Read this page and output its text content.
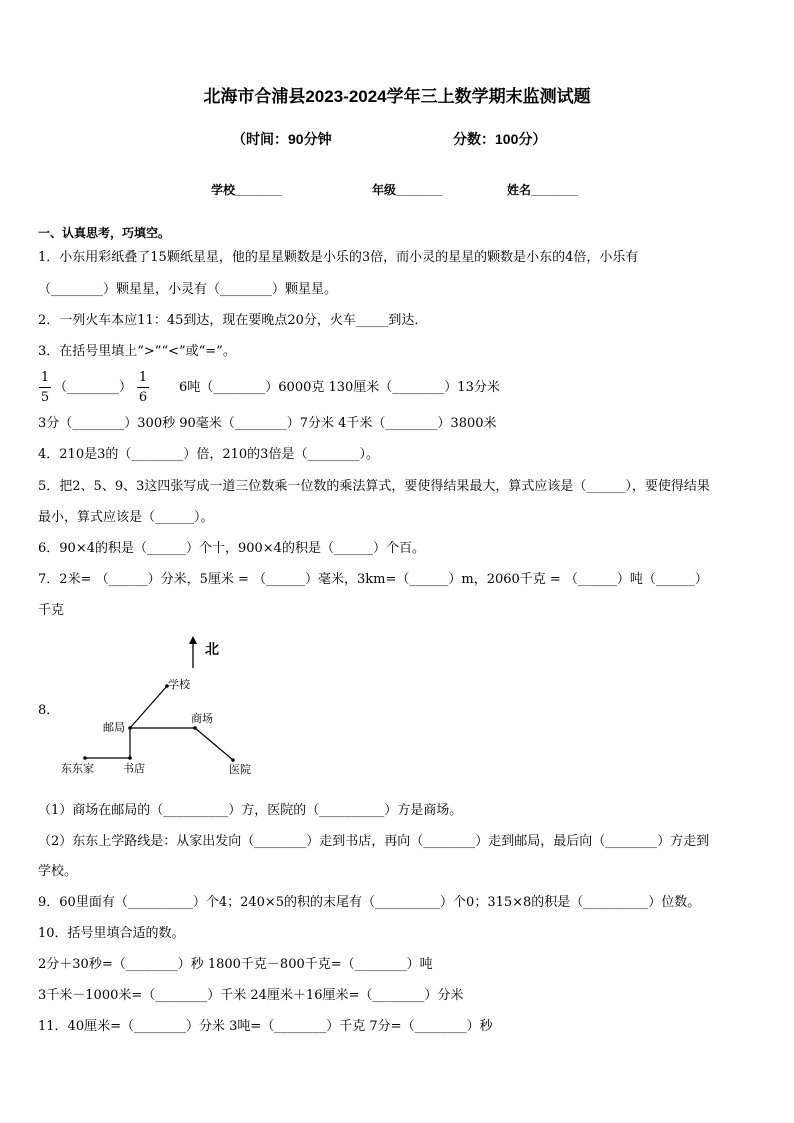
北海市合浦县2023-2024学年三上数学期末监测试题
（时间：90分钟	分数：100分）
学校_______	年级_______	姓名_______
一、认真思考，巧填空。
1．小东用彩纸叠了15颗纸星星，他的星星颗数是小乐的3倍，而小灵的星星的颗数是小东的4倍，小乐有
（________）颗星星，小灵有（________）颗星星。
2．一列火车本应11：45到达，现在要晚点20分，火车_____到达．
3．在括号里填上“>”“<”或“=”。
1
5
（________）
1
6
6吨（________）6000克 130厘米（________）13分米
3分（________）300秒 90毫米（________）7分米 4千米（________）3800米
4．210是3的（________）倍，210的3倍是（________）。
5．把2、5、9、3这四张写成一道三位数乘一位数的乘法算式，要使得结果最大，算式应该是（______），要使得结果
最小，算式应该是（______）。
6．90×4的积是（______）个十，900×4的积是（______）个百。
7．2米= （______）分米，5厘米 = （______）毫米，3km=（______）m，2060千克 = （______）吨（______）
千克
8．
北
学校
邮局
商场
东东家	书店	医院
（1）商场在邮局的（__________）方，医院的（__________）方是商场。
（2）东东上学路线是：从家出发向（________）走到书店，再向（________）走到邮局，最后向（________）方走到
学校。
9．60里面有（__________）个4；240×5的积的末尾有（__________）个0；315×8的积是（__________）位数。
10．括号里填合适的数。
2分＋30秒=（________）秒 1800千克－800千克=（________）吨
3千米－1000米=（________）千米 24厘米＋16厘米=（________）分米
11．40厘米=（________）分米 3吨=（________）千克 7分=（________）秒
